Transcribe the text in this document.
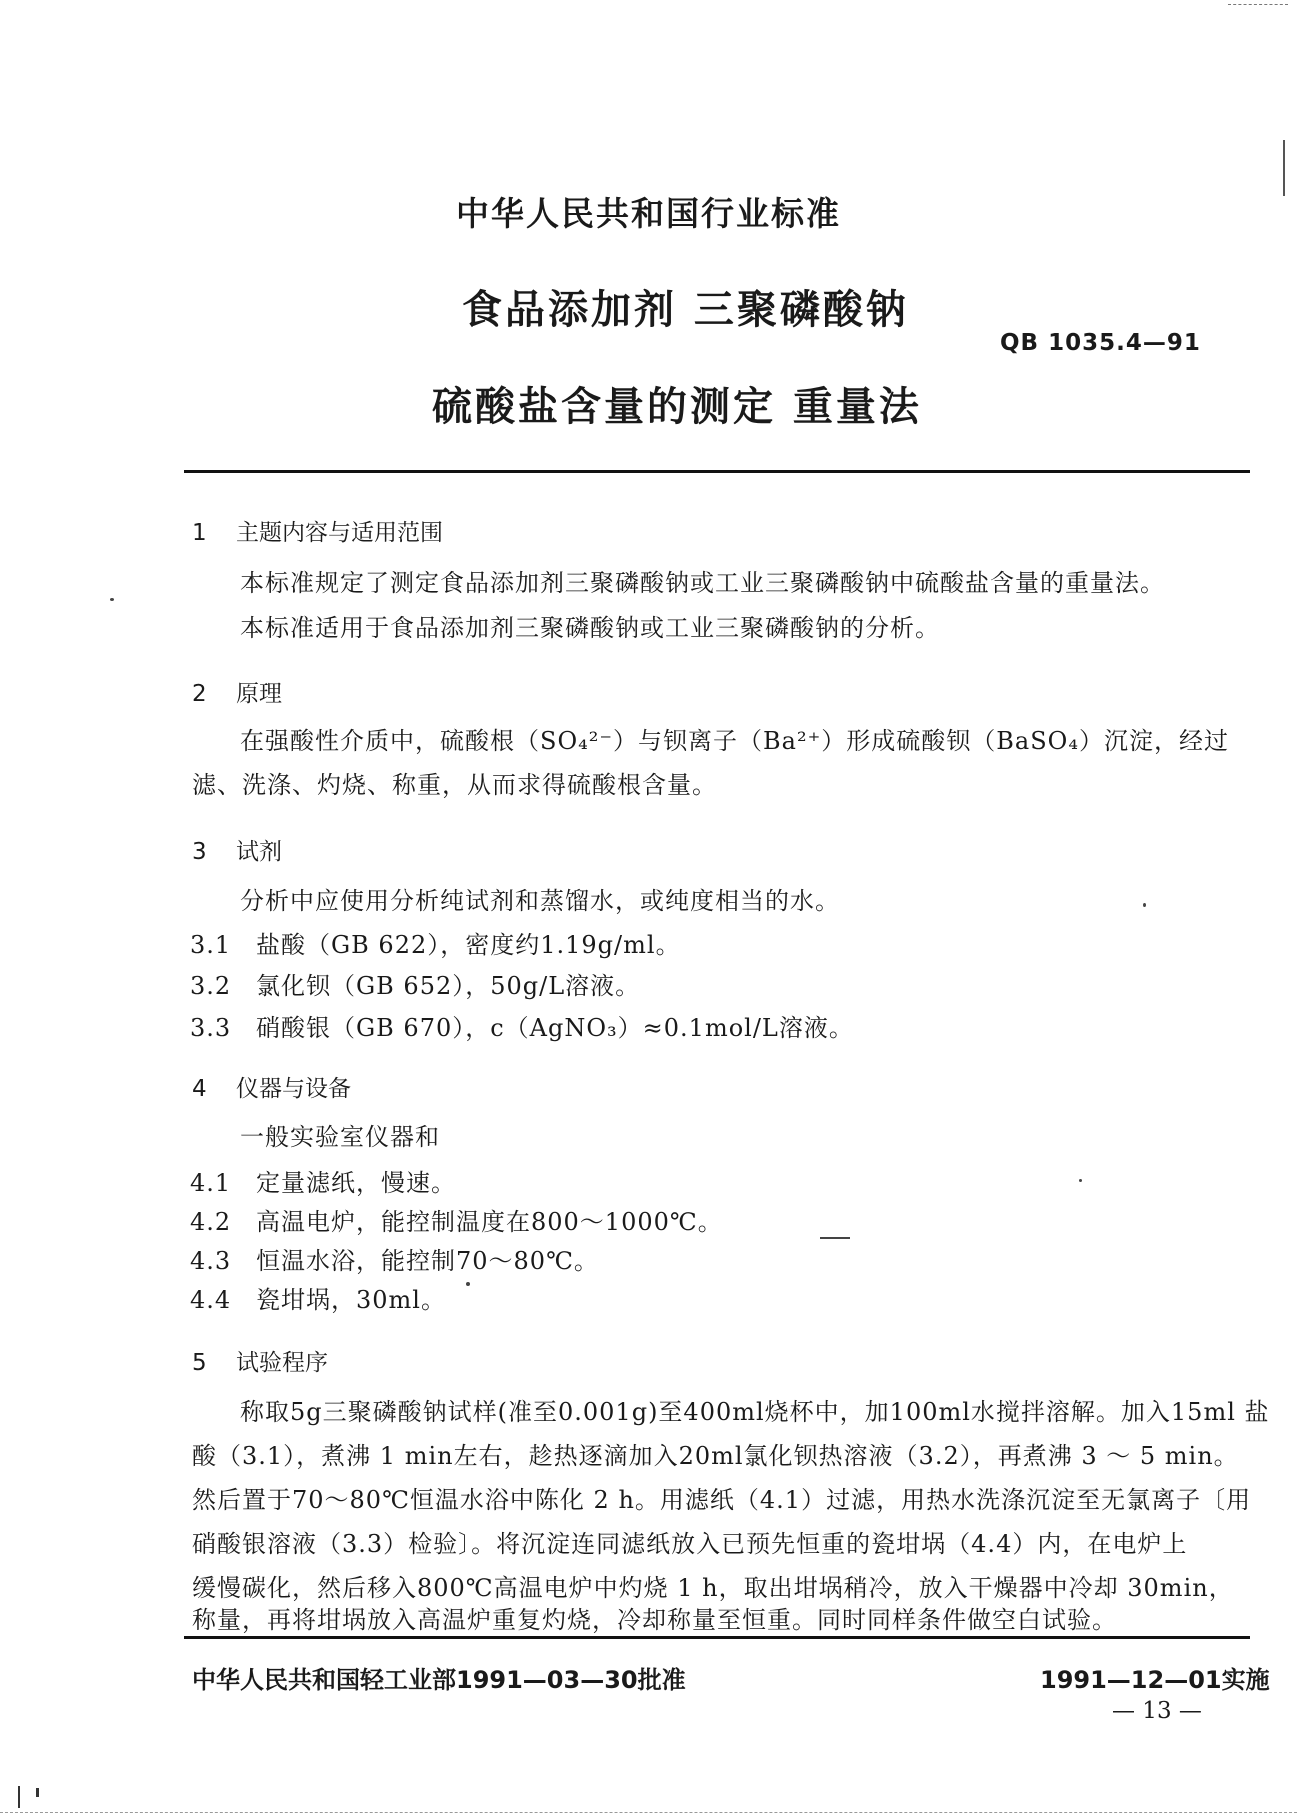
中华人民共和国行业标准
食品添加剂 三聚磷酸钠
QB 1035.4—91
硫酸盐含量的测定 重量法
1 主题内容与适用范围
本标准规定了测定食品添加剂三聚磷酸钠或工业三聚磷酸钠中硫酸盐含量的重量法。
本标准适用于食品添加剂三聚磷酸钠或工业三聚磷酸钠的分析。
2 原理
在强酸性介质中，硫酸根（SO₄²⁻）与钡离子（Ba²⁺）形成硫酸钡（BaSO₄）沉淀，经过
滤、洗涤、灼烧、称重，从而求得硫酸根含量。
3 试剂
分析中应使用分析纯试剂和蒸馏水，或纯度相当的水。
3.1 盐酸（GB 622），密度约1.19g/ml。
3.2 氯化钡（GB 652），50g/L溶液。
3.3 硝酸银（GB 670），c（AgNO₃）≈0.1mol/L溶液。
4 仪器与设备
一般实验室仪器和
4.1 定量滤纸，慢速。
4.2 高温电炉，能控制温度在800～1000℃。
4.3 恒温水浴，能控制70～80℃。
4.4 瓷坩埚，30ml。
5 试验程序
称取5g三聚磷酸钠试样(准至0.001g)至400ml烧杯中，加100ml水搅拌溶解。加入15ml 盐
酸（3.1），煮沸 1 min左右，趁热逐滴加入20ml氯化钡热溶液（3.2），再煮沸 3 ～ 5 min。
然后置于70～80℃恒温水浴中陈化 2 h。用滤纸（4.1）过滤，用热水洗涤沉淀至无氯离子〔用
硝酸银溶液（3.3）检验〕。将沉淀连同滤纸放入已预先恒重的瓷坩埚（4.4）内，在电炉上
缓慢碳化，然后移入800℃高温电炉中灼烧 1 h，取出坩埚稍冷，放入干燥器中冷却 30min，
称量，再将坩埚放入高温炉重复灼烧，冷却称量至恒重。同时同样条件做空白试验。
中华人民共和国轻工业部1991—03—30批准	1991—12—01实施
— 13 —
